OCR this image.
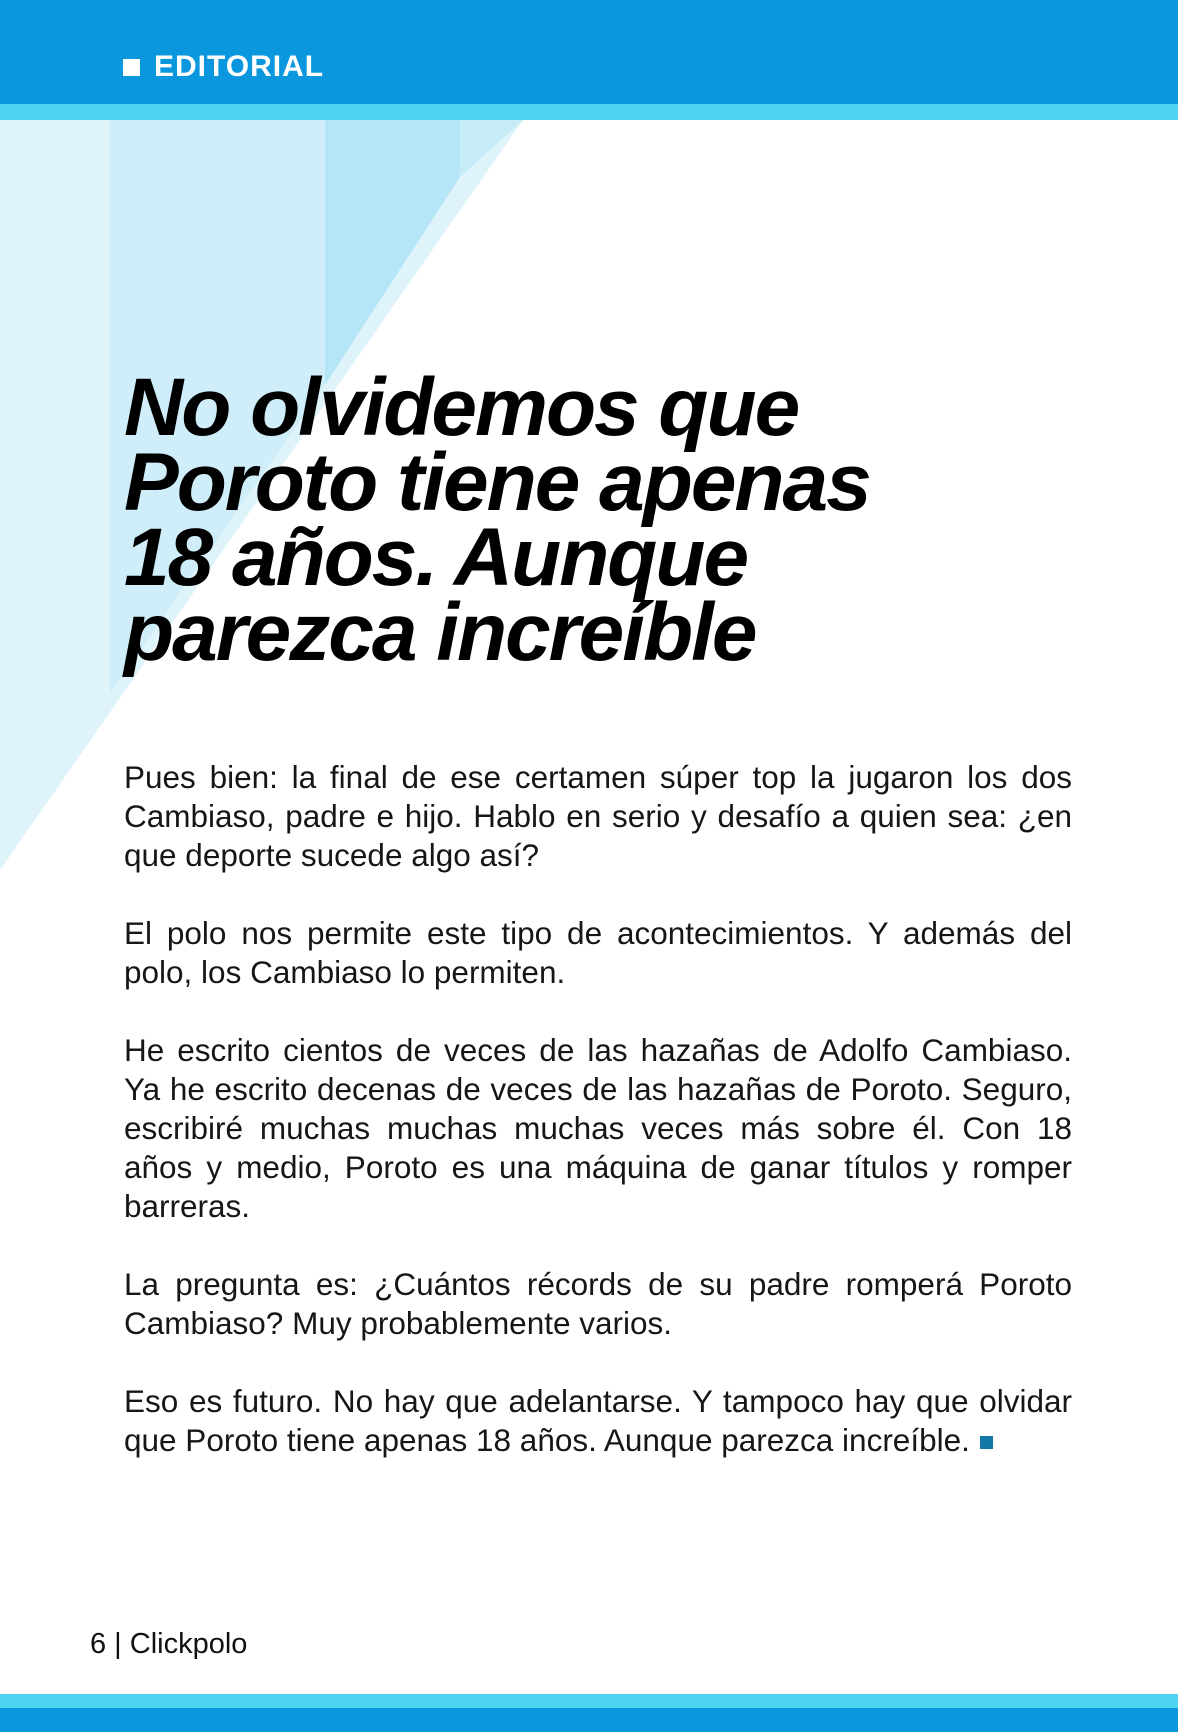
EDITORIAL
No olvidemos que
Poroto tiene apenas
18 años. Aunque
parezca increíble

Pues bien: la final de ese certamen súper top la jugaron los dos Cambiaso, padre e hijo. Hablo en serio y desafío a quien sea: ¿en que deporte sucede algo así?

El polo nos permite este tipo de acontecimientos. Y además del polo, los Cambiaso lo permiten.

He escrito cientos de veces de las hazañas de Adolfo Cambiaso. Ya he escrito decenas de veces de las hazañas de Poroto. Seguro, escribiré muchas muchas muchas veces más sobre él. Con 18 años y medio, Poroto es una máquina de ganar títulos y romper barreras.

La pregunta es: ¿Cuántos récords de su padre romperá Poroto Cambiaso? Muy probablemente varios.

Eso es futuro. No hay que adelantarse. Y tampoco hay que olvidar que Poroto tiene apenas 18 años. Aunque parezca increíble.

6 | Clickpolo
